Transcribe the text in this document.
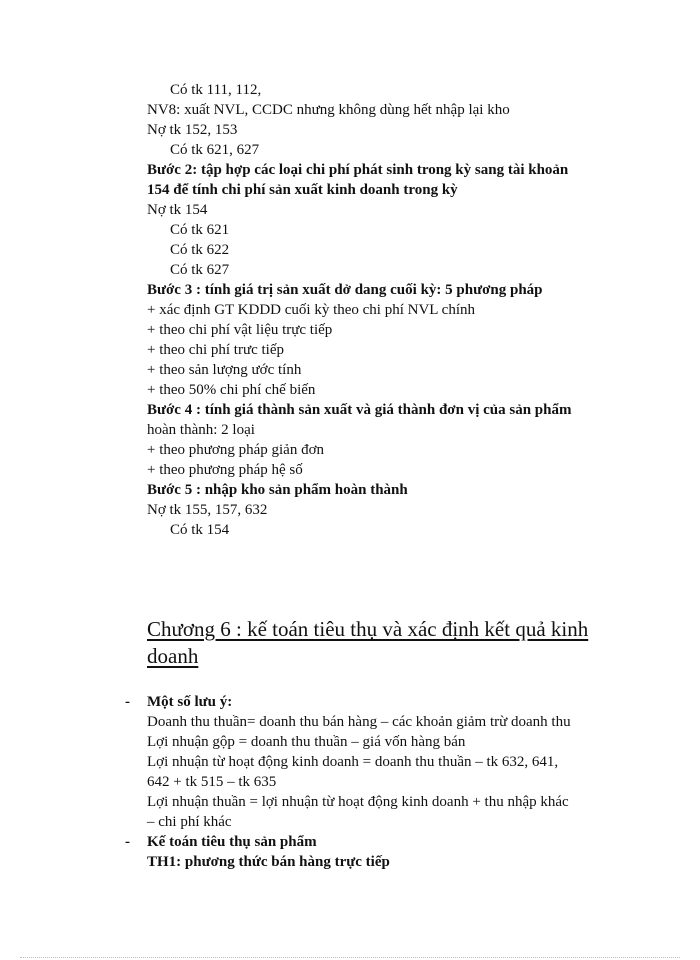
Có tk 111, 112,
NV8: xuất NVL, CCDC nhưng không dùng hết nhập lại kho
Nợ tk 152, 153
Có tk 621, 627
Bước 2: tập hợp các loại chi phí phát sinh trong kỳ sang tài khoản
154 để tính chi phí sản xuất kinh doanh trong kỳ
Nợ tk 154
Có tk 621
Có tk 622
Có tk 627
Bước 3 : tính giá trị sản xuất dở dang cuối kỳ: 5 phương pháp
+ xác định GT KDDD cuối kỳ theo chi phí NVL chính
+ theo chi phí vật liệu trực tiếp
+ theo chi phí trưc tiếp
+ theo sản lượng ước tính
+ theo 50% chi phí chế biến
Bước 4 : tính giá thành sản xuất và giá thành đơn vị của sản phẩm
hoàn thành: 2 loại
+ theo phương pháp giản đơn
+ theo phương pháp hệ số
Bước 5 : nhập kho sản phẩm hoàn thành
Nợ tk 155, 157, 632
Có tk 154
Chương 6 : kế toán tiêu thụ và xác định kết quả kinh doanh
- Một số lưu ý:
Doanh thu thuần= doanh thu bán hàng – các khoản giảm trừ doanh thu
Lợi nhuận gộp = doanh thu thuần – giá vốn hàng bán
Lợi nhuận từ hoạt động kinh doanh = doanh thu thuần – tk 632, 641,
642 + tk 515 – tk 635
Lợi nhuận thuần = lợi nhuận từ hoạt động kinh doanh + thu nhập khác
– chi phí khác
- Kế toán tiêu thụ sản phẩm
TH1: phương thức bán hàng trực tiếp
